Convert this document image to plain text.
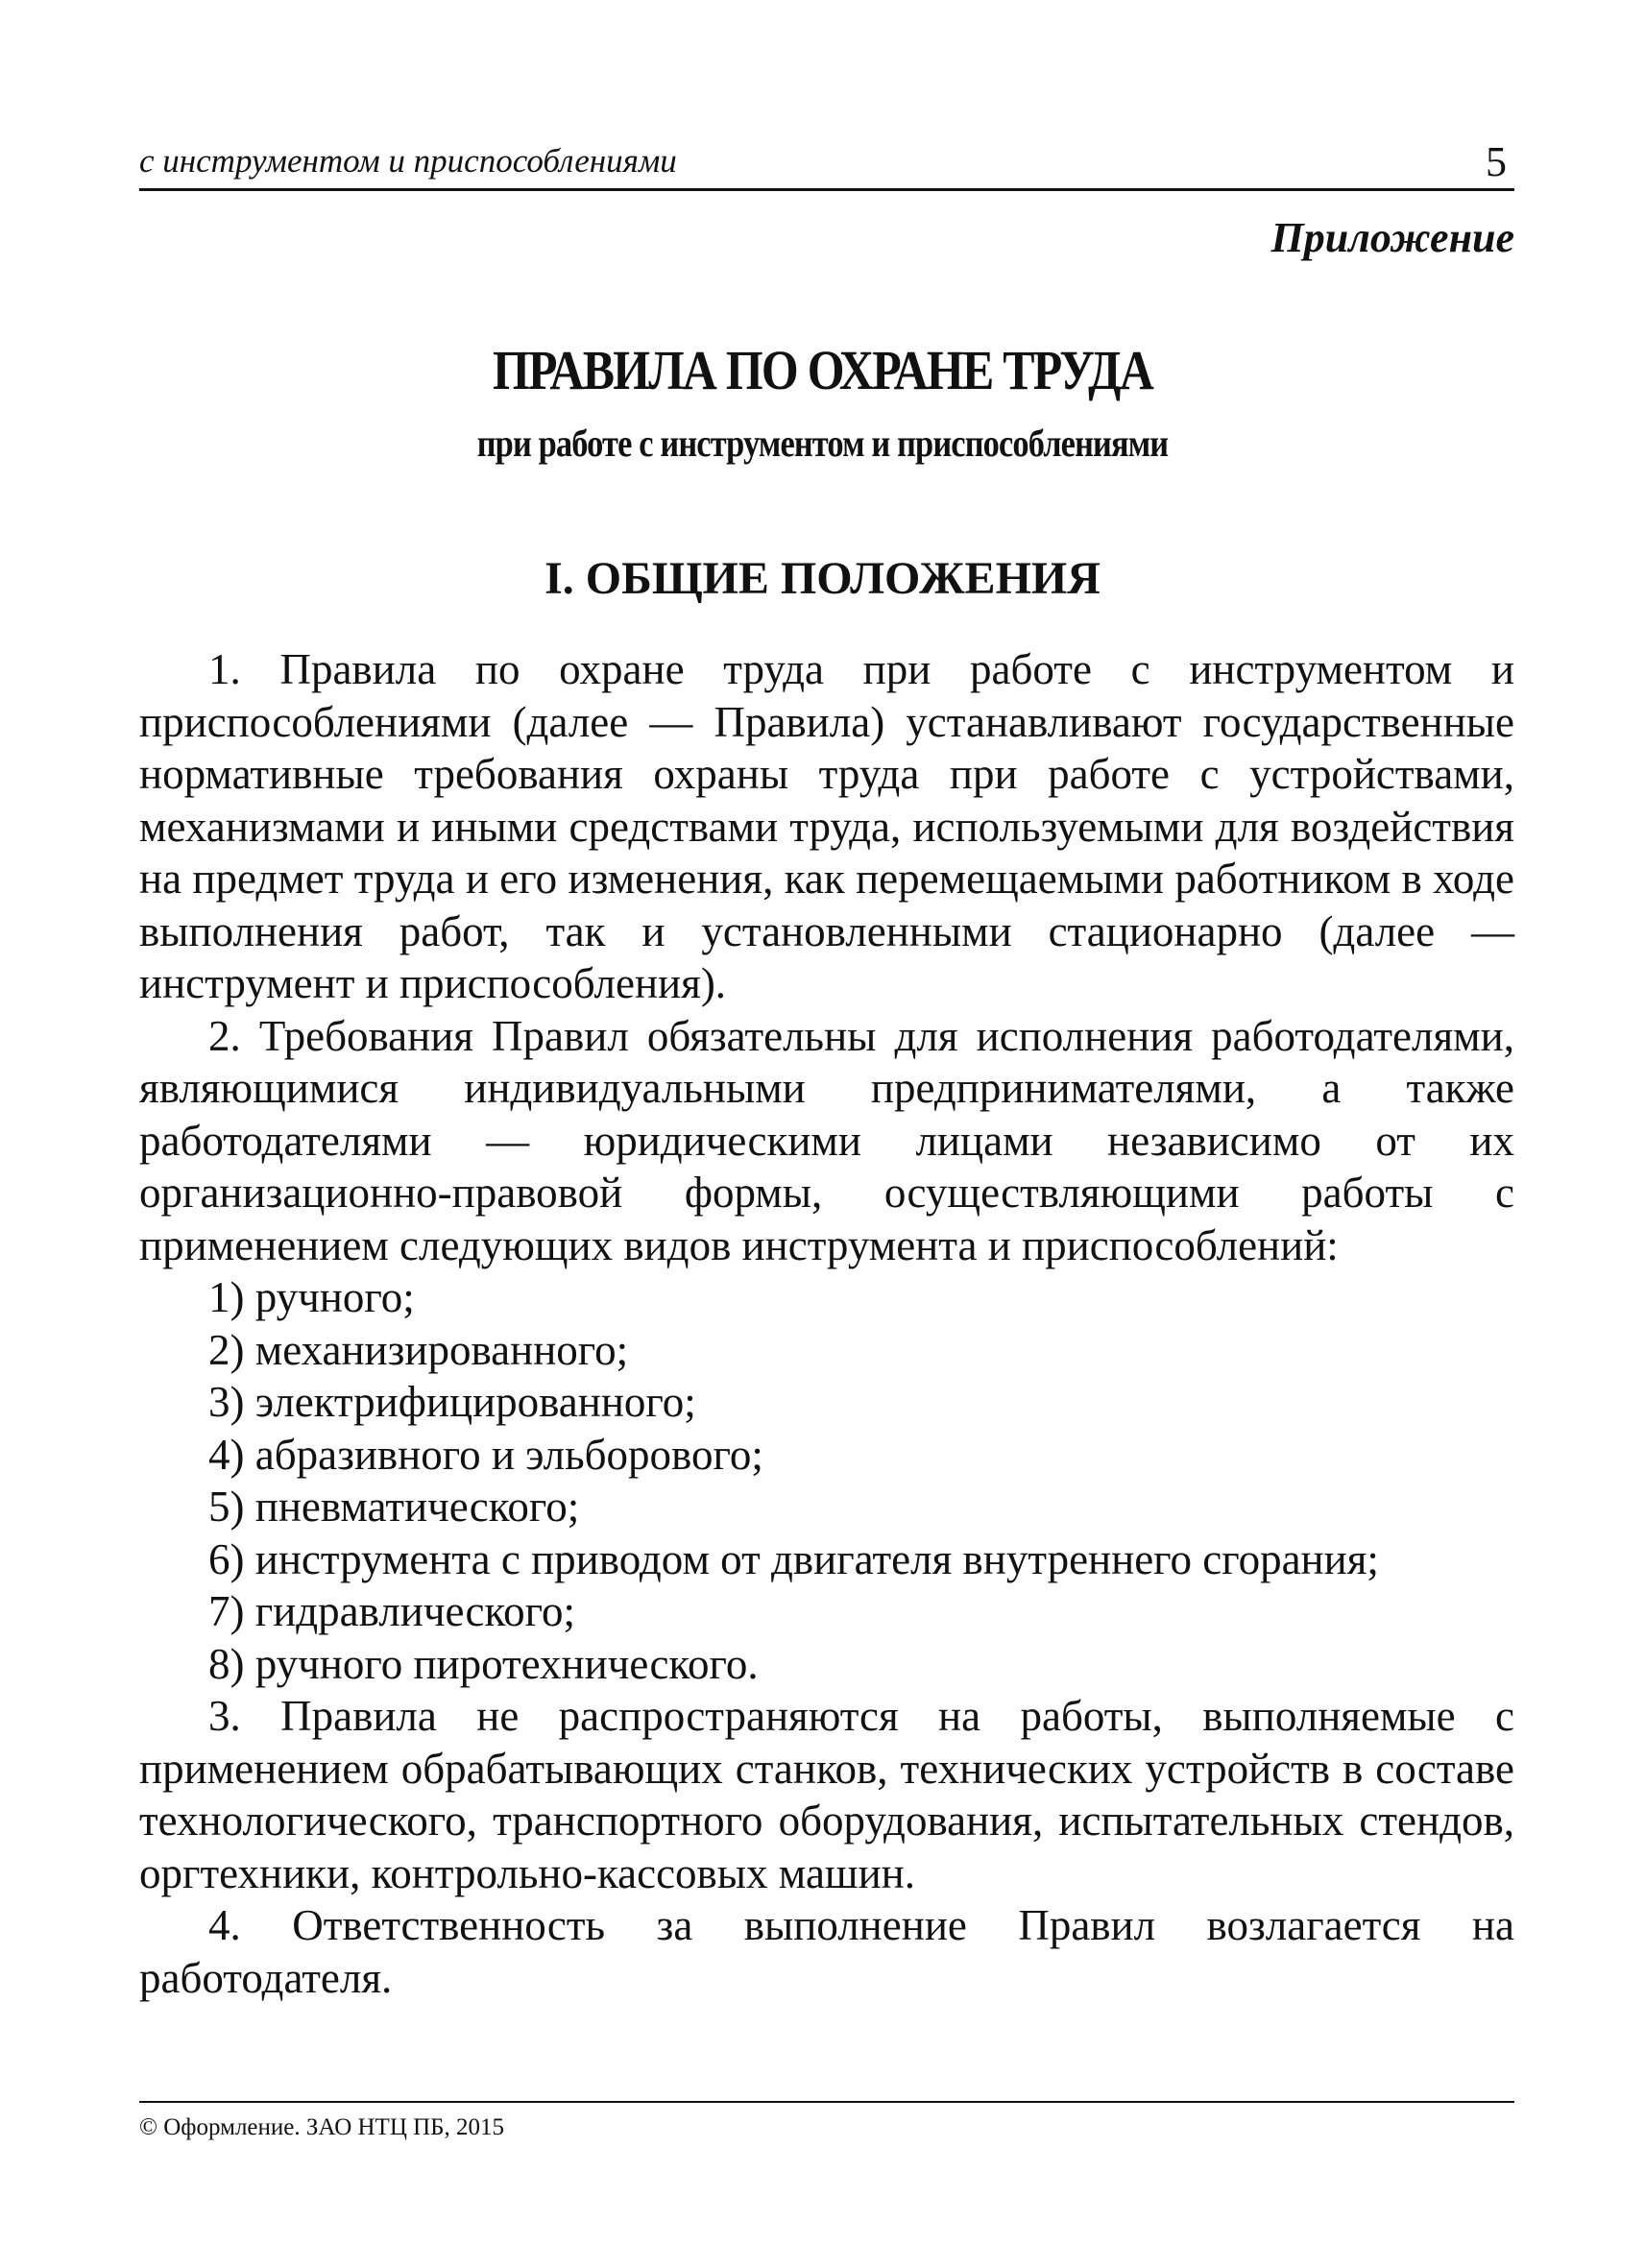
с инструментом и приспособлениями	5
Приложение
ПРАВИЛА ПО ОХРАНЕ ТРУДА
при работе с инструментом и приспособлениями
I. ОБЩИЕ ПОЛОЖЕНИЯ

1. Правила по охране труда при работе с инструментом и приспособлениями (далее — Правила) устанавливают государственные нормативные требования охраны труда при работе с устройствами, механизмами и иными средствами труда, используемыми для воздействия на предмет труда и его изменения, как перемещаемыми работником в ходе выполнения работ, так и установленными стационарно (далее — инструмент и приспособления).

2. Требования Правил обязательны для исполнения работодателями, являющимися индивидуальными предпринимателями, а также работодателями — юридическими лицами независимо от их организационно-правовой формы, осуществляющими работы с применением следующих видов инструмента и приспособлений:

1) ручного;

2) механизированного;

3) электрифицированного;

4) абразивного и эльборового;

5) пневматического;

6) инструмента с приводом от двигателя внутреннего сгорания;

7) гидравлического;

8) ручного пиротехнического.

3. Правила не распространяются на работы, выполняемые с применением обрабатывающих станков, технических устройств в составе технологического, транспортного оборудования, испытательных стендов, оргтехники, контрольно-кассовых машин.

4. Ответственность за выполнение Правил возлагается на работодателя.

© Оформление. ЗАО НТЦ ПБ, 2015
